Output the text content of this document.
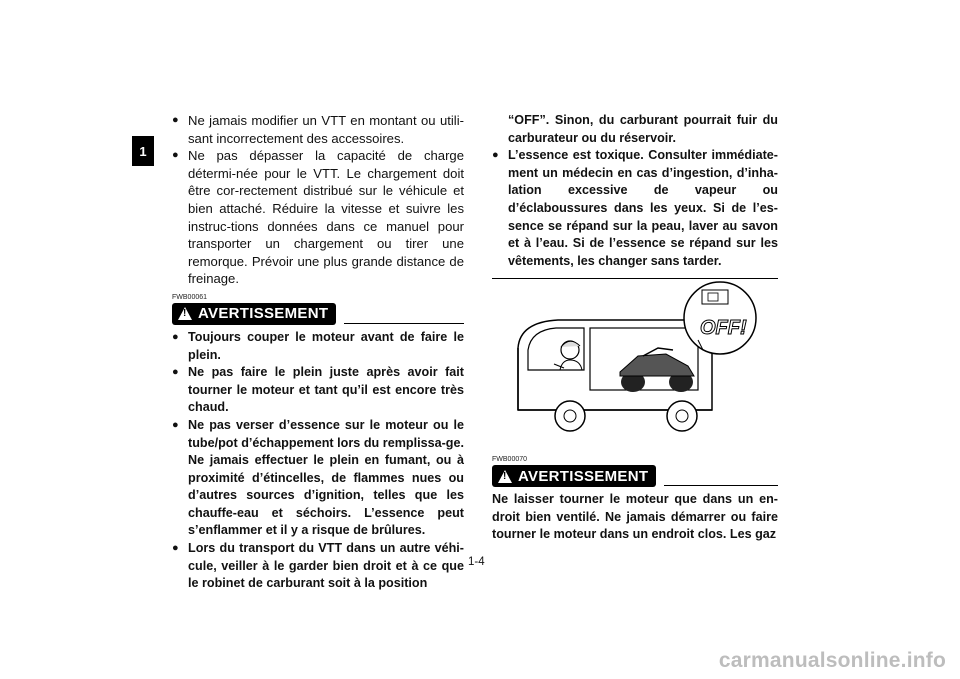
1
● Ne jamais modifier un VTT en montant ou utili-sant incorrectement des accessoires.
● Ne pas dépasser la capacité de charge détermi-née pour le VTT. Le chargement doit être cor-rectement distribué sur le véhicule et bien attaché. Réduire la vitesse et suivre les instruc-tions données dans ce manuel pour transporter un chargement ou tirer une remorque. Prévoir une plus grande distance de freinage.
FWB00061
!
AVERTISSEMENT
● Toujours couper le moteur avant de faire le plein.
● Ne pas faire le plein juste après avoir fait tourner le moteur et tant qu’il est encore très chaud.
● Ne pas verser d’essence sur le moteur ou le tube/pot d’échappement lors du remplissa-ge. Ne jamais effectuer le plein en fumant, ou à proximité d’étincelles, de flammes nues ou d’autres sources d’ignition, telles que les chauffe-eau et séchoirs. L’essence peut s’enflammer et il y a risque de brûlures.
● Lors du transport du VTT dans un autre véhi-cule, veiller à le garder bien droit et à ce que le robinet de carburant soit à la position
“OFF”. Sinon, du carburant pourrait fuir du carburateur ou du réservoir.
● L’essence est toxique. Consulter immédiate-ment un médecin en cas d’ingestion, d’inha-lation excessive de vapeur ou d’éclaboussures dans les yeux. Si de l’es-sence se répand sur la peau, laver au savon et à l’eau. Si de l’essence se répand sur les vêtements, les changer sans tarder.
OFF!
FWB00070
!
AVERTISSEMENT
Ne laisser tourner le moteur que dans un en-droit bien ventilé. Ne jamais démarrer ou faire tourner le moteur dans un endroit clos. Les gaz
1-4
carmanualsonline.info
